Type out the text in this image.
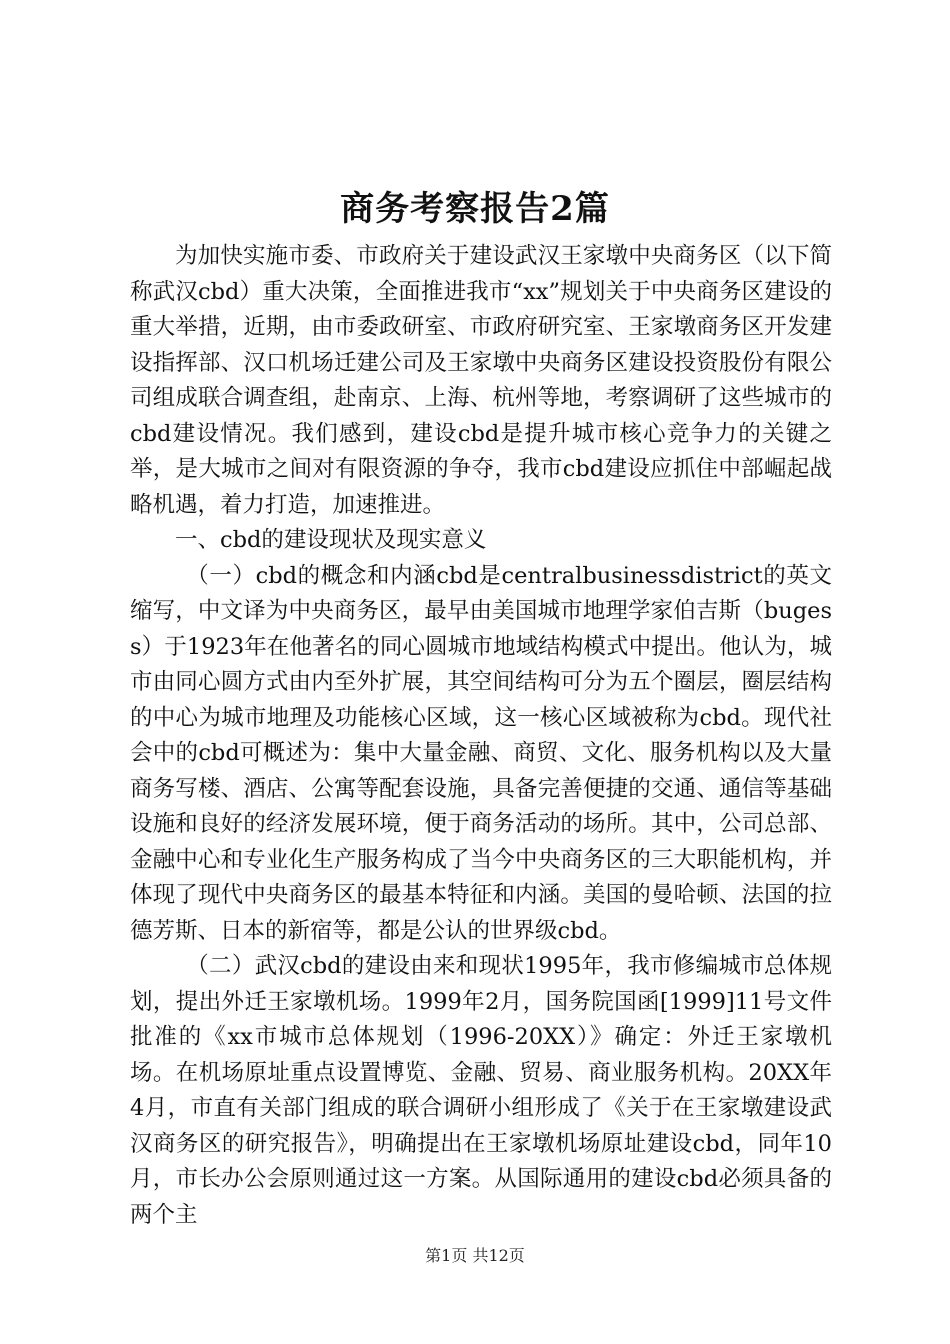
商务考察报告2篇

为加快实施市委、市政府关于建设武汉王家墩中央商务区（以下简称武汉cbd）重大决策，全面推进我市“xx”规划关于中央商务区建设的重大举措，近期，由市委政研室、市政府研究室、王家墩商务区开发建设指挥部、汉口机场迁建公司及王家墩中央商务区建设投资股份有限公司组成联合调查组，赴南京、上海、杭州等地，考察调研了这些城市的cbd建设情况。我们感到，建设cbd是提升城市核心竞争力的关键之举，是大城市之间对有限资源的争夺，我市cbd建设应抓住中部崛起战略机遇，着力打造，加速推进。

一、cbd的建设现状及现实意义

（一）cbd的概念和内涵cbd是centralbusinessdistrict的英文缩写，中文译为中央商务区，最早由美国城市地理学家伯吉斯（bugess）于1923年在他著名的同心圆城市地域结构模式中提出。他认为，城市由同心圆方式由内至外扩展，其空间结构可分为五个圈层，圈层结构的中心为城市地理及功能核心区域，这一核心区域被称为cbd。现代社会中的cbd可概述为：集中大量金融、商贸、文化、服务机构以及大量商务写楼、酒店、公寓等配套设施，具备完善便捷的交通、通信等基础设施和良好的经济发展环境，便于商务活动的场所。其中，公司总部、金融中心和专业化生产服务构成了当今中央商务区的三大职能机构，并体现了现代中央商务区的最基本特征和内涵。美国的曼哈顿、法国的拉德芳斯、日本的新宿等，都是公认的世界级cbd。

（二）武汉cbd的建设由来和现状1995年，我市修编城市总体规划，提出外迁王家墩机场。1999年2月，国务院国函[1999]11号文件批准的《xx市城市总体规划（1996-20XX）》确定：外迁王家墩机场。在机场原址重点设置博览、金融、贸易、商业服务机构。20XX年4月，市直有关部门组成的联合调研小组形成了《关于在王家墩建设武汉商务区的研究报告》，明确提出在王家墩机场原址建设cbd，同年10月，市长办公会原则通过这一方案。从国际通用的建设cbd必须具备的两个主

第1页 共12页
